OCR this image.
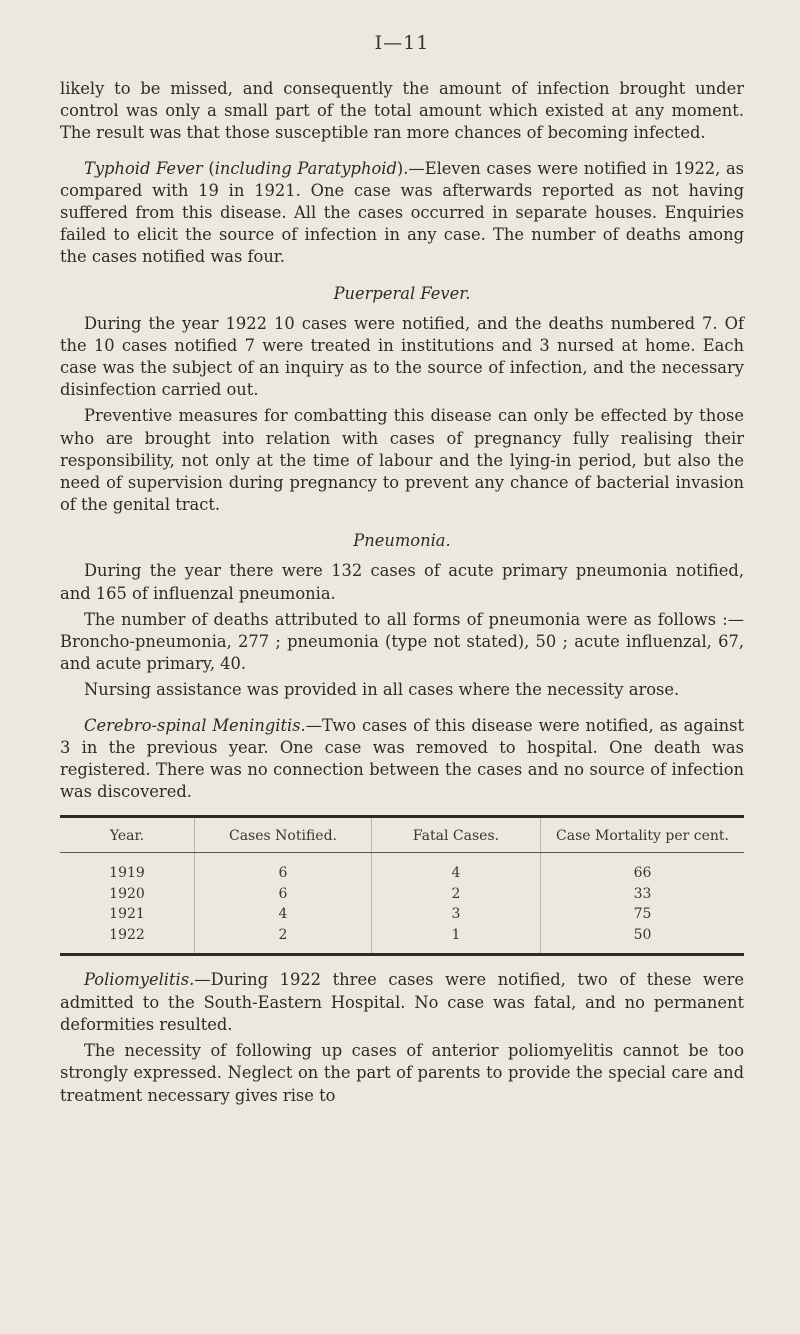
I—11

likely to be missed, and consequently the amount of infection brought under control was only a small part of the total amount which existed at any moment. The result was that those susceptible ran more chances of becoming infected.

Typhoid Fever (including Paratyphoid).—Eleven cases were notified in 1922, as compared with 19 in 1921. One case was afterwards reported as not having suffered from this disease. All the cases occurred in separate houses. Enquiries failed to elicit the source of infection in any case. The number of deaths among the cases notified was four.

Puerperal Fever.

During the year 1922 10 cases were notified, and the deaths numbered 7. Of the 10 cases notified 7 were treated in institutions and 3 nursed at home. Each case was the subject of an inquiry as to the source of infection, and the necessary disinfection carried out.

Preventive measures for combatting this disease can only be effected by those who are brought into relation with cases of pregnancy fully realising their responsibility, not only at the time of labour and the lying-in period, but also the need of supervision during pregnancy to prevent any chance of bacterial invasion of the genital tract.

Pneumonia.

During the year there were 132 cases of acute primary pneumonia notified, and 165 of influenzal pneumonia.

The number of deaths attributed to all forms of pneumonia were as follows :—Broncho-pneumonia, 277 ; pneumonia (type not stated), 50 ; acute influenzal, 67, and acute primary, 40.

Nursing assistance was provided in all cases where the necessity arose.

Cerebro-spinal Meningitis.—Two cases of this disease were notified, as against 3 in the previous year. One case was removed to hospital. One death was registered. There was no connection between the cases and no source of infection was discovered.

Year.	Cases Notified.	Fatal Cases.	Case Mortality per cent.
1919	6	4	66
1920	6	2	33
1921	4	3	75
1922	2	1	50

Poliomyelitis.—During 1922 three cases were notified, two of these were admitted to the South-Eastern Hospital. No case was fatal, and no permanent deformities resulted.

The necessity of following up cases of anterior poliomyelitis cannot be too strongly expressed. Neglect on the part of parents to provide the special care and treatment necessary gives rise to
